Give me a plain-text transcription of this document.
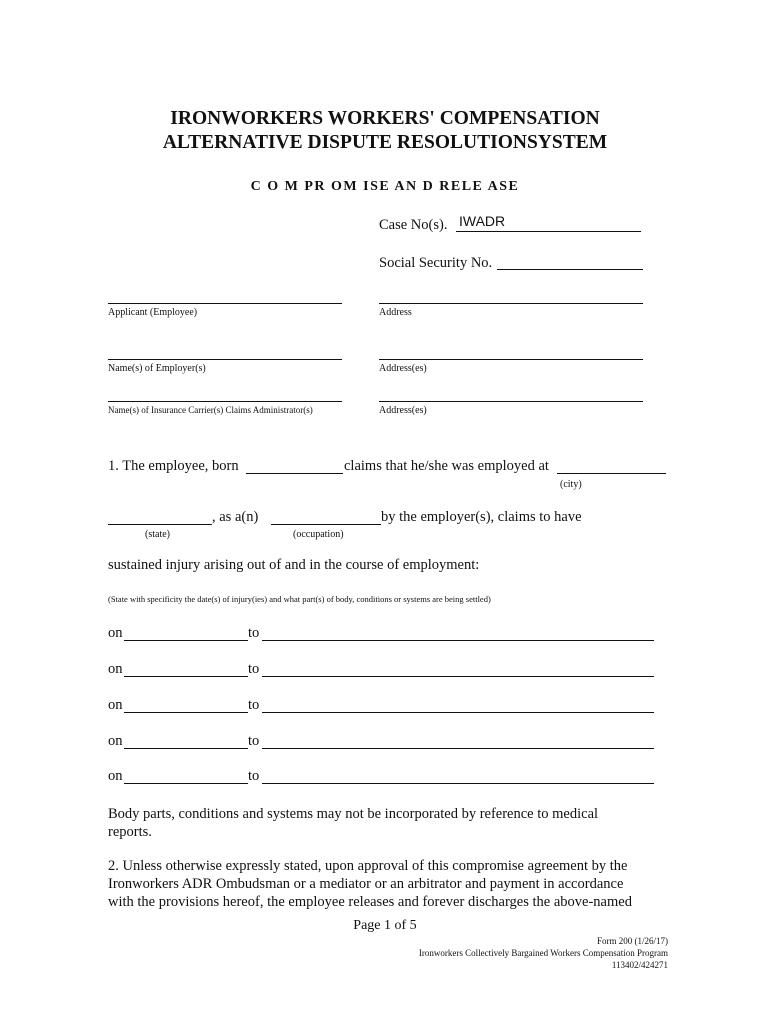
IRONWORKERS WORKERS' COMPENSATION
ALTERNATIVE DISPUTE RESOLUTIONSYSTEM
C O M PR OM ISE AN D RELE ASE
Case No(s). IWADR
Social Security No.
Applicant (Employee)	Address
Name(s) of Employer(s)	Address(es)
Name(s) of Insurance Carrier(s) Claims Administrator(s)	Address(es)
1. The employee, born	claims that he/she was employed at
(city)
, as a(n)	by the employer(s), claims to have
(state)	(occupation)
sustained injury arising out of and in the course of employment:
(State with specificity the date(s) of injury(ies) and what part(s) of body, conditions or systems are being settled)
on	to
on	to
on	to
on	to
on	to
Body parts, conditions and systems may not be incorporated by reference to medical
reports.
2. Unless otherwise expressly stated, upon approval of this compromise agreement by the
Ironworkers ADR Ombudsman or a mediator or an arbitrator and payment in accordance
with the provisions hereof, the employee releases and forever discharges the above-named
Page 1 of 5
Form 200 (1/26/17)
Ironworkers Collectively Bargained Workers Compensation Program
113402/424271
